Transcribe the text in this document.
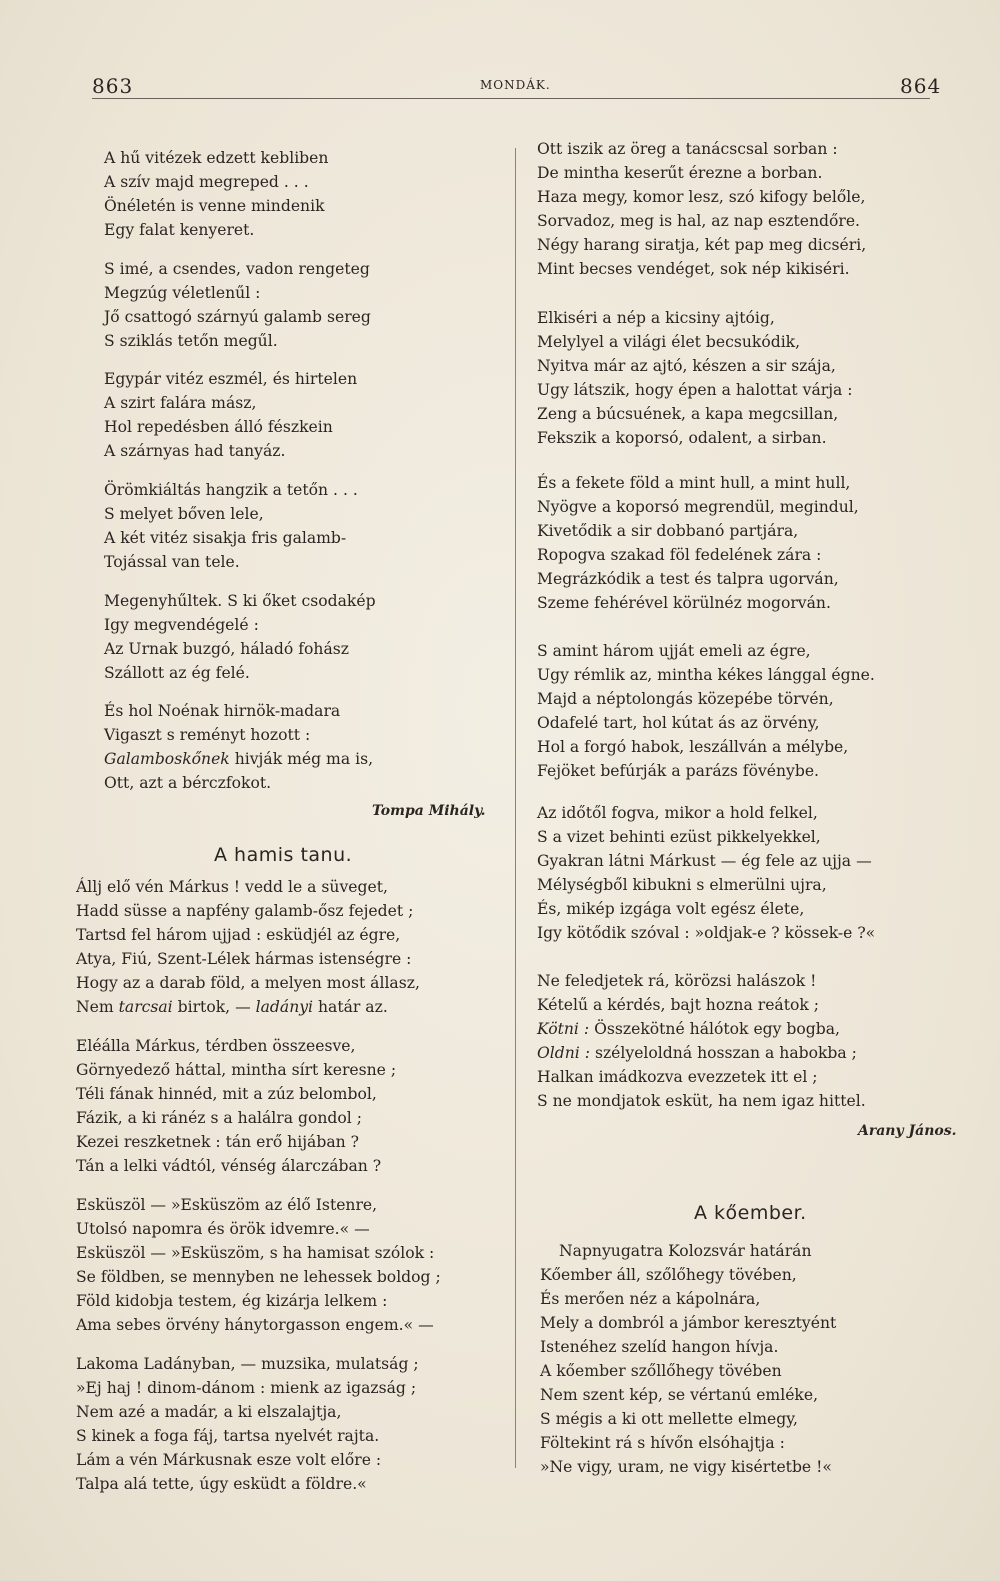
863	MONDÁK.	864
A hű vitézek edzett kebliben
A szív majd megreped . . .
Önéletén is venne mindenik
Egy falat kenyeret.
S imé, a csendes, vadon rengeteg
Megzúg véletlenűl :
Jő csattogó szárnyú galamb sereg
S sziklás tetőn megűl.
Egypár vitéz eszmél, és hirtelen
A szirt falára mász,
Hol repedésben álló fészkein
A szárnyas had tanyáz.
Örömkiáltás hangzik a tetőn . . .
S melyet bőven lele,
A két vitéz sisakja fris galamb-
Tojással van tele.
Megenyhűltek. S ki őket csodakép
Igy megvendégelé :
Az Urnak buzgó, háladó fohász
Szállott az ég felé.
És hol Noénak hirnök-madara
Vigaszt s reményt hozott :
Galamboskőnek hivják még ma is,
Ott, azt a bérczfokot.
Tompa Mihály.
A hamis tanu.
Állj elő vén Márkus ! vedd le a süveget,
Hadd süsse a napfény galamb-ősz fejedet ;
Tartsd fel három ujjad : esküdjél az égre,
Atya, Fiú, Szent-Lélek hármas istenségre :
Hogy az a darab föld, a melyen most állasz,
Nem tarcsai birtok, — ladányi határ az.
Eléálla Márkus, térdben összeesve,
Görnyedező háttal, mintha sírt keresne ;
Téli fának hinnéd, mit a zúz belombol,
Fázik, a ki ránéz s a halálra gondol ;
Kezei reszketnek : tán erő hijában ?
Tán a lelki vádtól, vénség álarczában ?
Esküszöl — »Esküszöm az élő Istenre,
Utolsó napomra és örök idvemre.« —
Esküszöl — »Esküszöm, s ha hamisat szólok :
Se földben, se mennyben ne lehessek boldog ;
Föld kidobja testem, ég kizárja lelkem :
Ama sebes örvény hánytorgasson engem.« —
Lakoma Ladányban, — muzsika, mulatság ;
»Ej haj ! dinom-dánom : mienk az igazság ;
Nem azé a madár, a ki elszalajtja,
S kinek a foga fáj, tartsa nyelvét rajta.
Lám a vén Márkusnak esze volt előre :
Talpa alá tette, úgy esküdt a földre.«
Ott iszik az öreg a tanácscsal sorban :
De mintha keserűt érezne a borban.
Haza megy, komor lesz, szó kifogy belőle,
Sorvadoz, meg is hal, az nap esztendőre.
Négy harang siratja, két pap meg dicséri,
Mint becses vendéget, sok nép kikiséri.
Elkiséri a nép a kicsiny ajtóig,
Melylyel a világi élet becsukódik,
Nyitva már az ajtó, készen a sir szája,
Ugy látszik, hogy épen a halottat várja :
Zeng a búcsuének, a kapa megcsillan,
Fekszik a koporsó, odalent, a sirban.
És a fekete föld a mint hull, a mint hull,
Nyögve a koporsó megrendül, megindul,
Kivetődik a sir dobbanó partjára,
Ropogva szakad föl fedelének zára :
Megrázkódik a test és talpra ugorván,
Szeme fehérével körülnéz mogorván.
S amint három ujját emeli az égre,
Ugy rémlik az, mintha kékes lánggal égne.
Majd a néptolongás közepébe törvén,
Odafelé tart, hol kútat ás az örvény,
Hol a forgó habok, leszállván a mélybe,
Fejöket befúrják a parázs fövénybe.
Az időtől fogva, mikor a hold felkel,
S a vizet behinti ezüst pikkelyekkel,
Gyakran látni Márkust — ég fele az ujja —
Mélységből kibukni s elmerülni ujra,
És, mikép izgága volt egész élete,
Igy kötődik szóval : »oldjak-e ? kössek-e ?«
Ne feledjetek rá, körözsi halászok !
Kételű a kérdés, bajt hozna reátok ;
Kötni : Összekötné hálótok egy bogba,
Oldni : szélyeloldná hosszan a habokba ;
Halkan imádkozva evezzetek itt el ;
S ne mondjatok esküt, ha nem igaz hittel.
Arany János.
A kőember.
Napnyugatra Kolozsvár határán
Kőember áll, szőlőhegy tövében,
És merően néz a kápolnára,
Mely a dombról a jámbor keresztyént
Istenéhez szelíd hangon hívja.
A kőember szőllőhegy tövében
Nem szent kép, se vértanú emléke,
S mégis a ki ott mellette elmegy,
Föltekint rá s hívőn elsóhajtja :
»Ne vigy, uram, ne vigy kisértetbe !«
